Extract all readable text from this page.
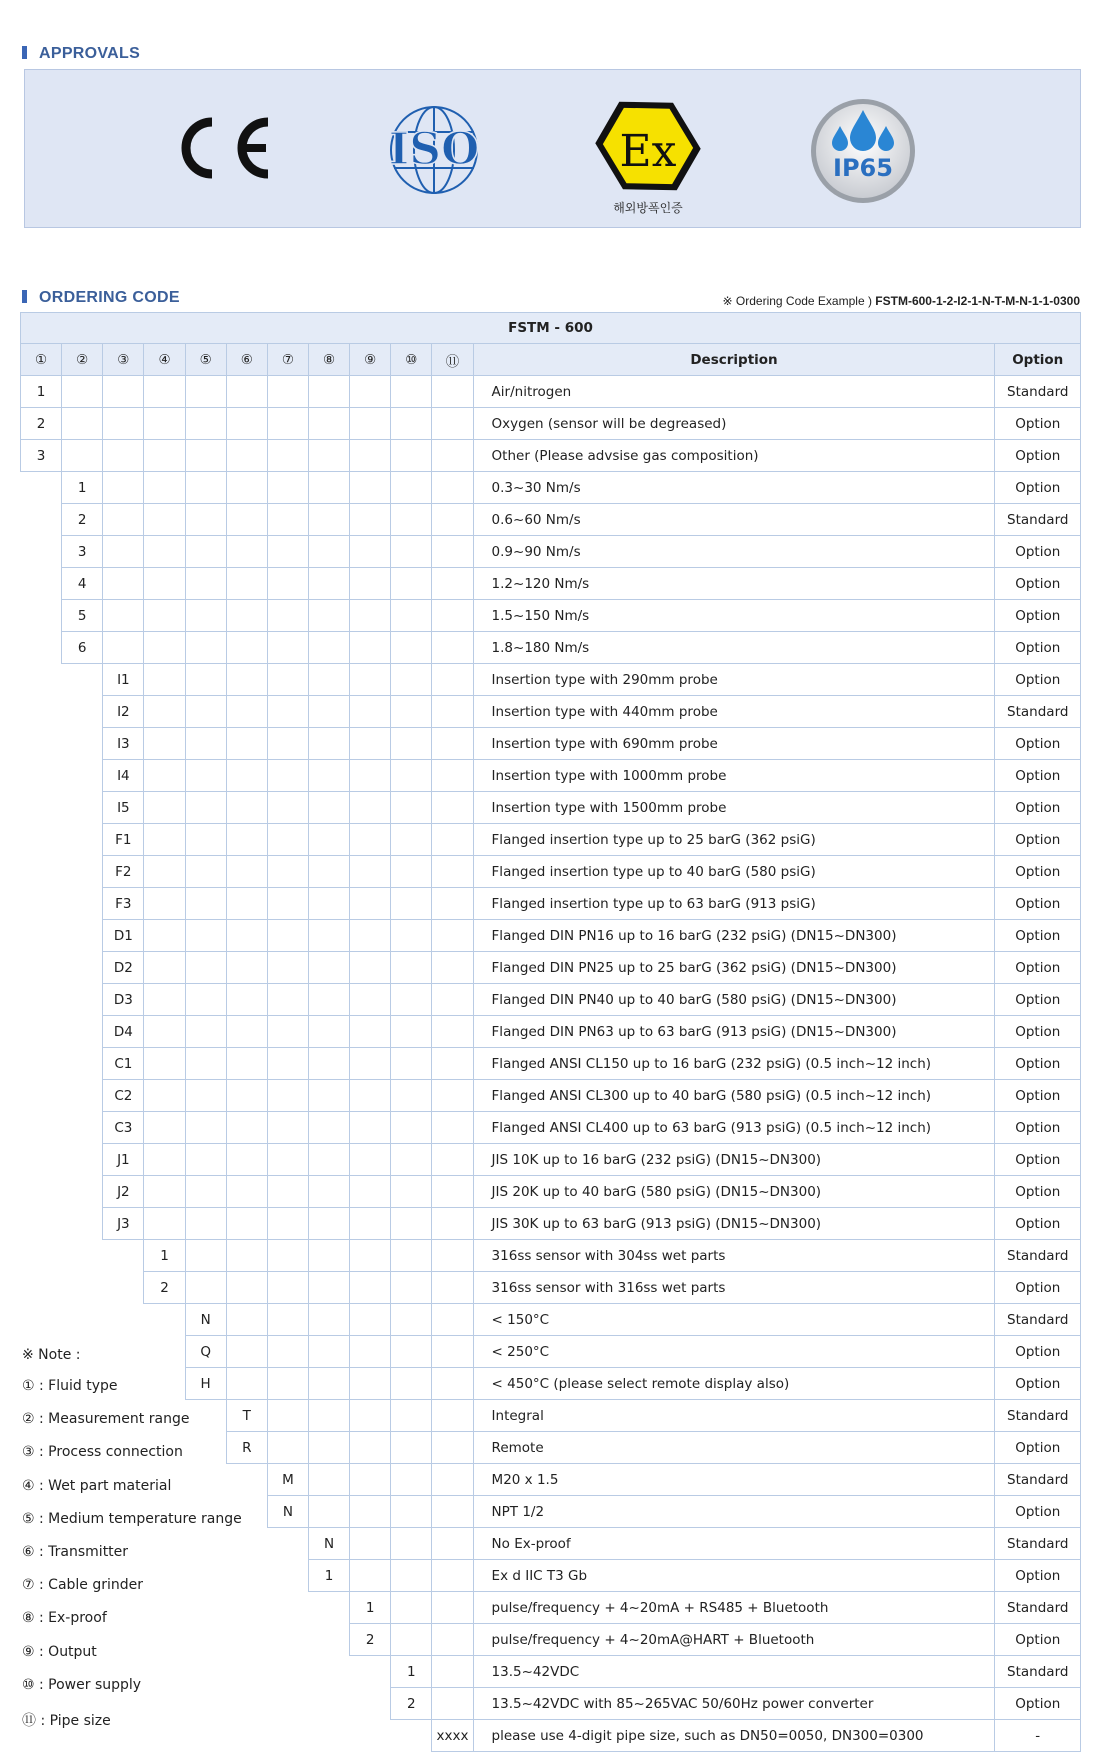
APPROVALS
ISO	Ex
해외방폭인증
IP65
ORDERING CODE	※ Ordering Code Example ) FSTM-600-1-2-I2-1-N-T-M-N-1-1-0300
FSTM - 600												
①	②	③	④	⑤	⑥	⑦	⑧	⑨	⑩	⑪	Description	Option
1											Air/nitrogen	Standard
2											Oxygen (sensor will be degreased)	Option
3											Other (Please advsise gas composition)	Option
	1										0.3~30 Nm/s	Option
	2										0.6~60 Nm/s	Standard
	3										0.9~90 Nm/s	Option
	4										1.2~120 Nm/s	Option
	5										1.5~150 Nm/s	Option
	6										1.8~180 Nm/s	Option
		I1									Insertion type with 290mm probe	Option
		I2									Insertion type with 440mm probe	Standard
		I3									Insertion type with 690mm probe	Option
		I4									Insertion type with 1000mm probe	Option
		I5									Insertion type with 1500mm probe	Option
		F1									Flanged insertion type up to 25 barG (362 psiG)	Option
		F2									Flanged insertion type up to 40 barG (580 psiG)	Option
		F3									Flanged insertion type up to 63 barG (913 psiG)	Option
		D1									Flanged DIN PN16 up to 16 barG (232 psiG) (DN15~DN300)	Option
		D2									Flanged DIN PN25 up to 25 barG (362 psiG) (DN15~DN300)	Option
		D3									Flanged DIN PN40 up to 40 barG (580 psiG) (DN15~DN300)	Option
		D4									Flanged DIN PN63 up to 63 barG (913 psiG) (DN15~DN300)	Option
		C1									Flanged ANSI CL150 up to 16 barG (232 psiG) (0.5 inch~12 inch)	Option
		C2									Flanged ANSI CL300 up to 40 barG (580 psiG) (0.5 inch~12 inch)	Option
		C3									Flanged ANSI CL400 up to 63 barG (913 psiG) (0.5 inch~12 inch)	Option
		J1									JIS 10K up to 16 barG (232 psiG) (DN15~DN300)	Option
		J2									JIS 20K up to 40 barG (580 psiG) (DN15~DN300)	Option
		J3									JIS 30K up to 63 barG (913 psiG) (DN15~DN300)	Option
			1								316ss sensor with 304ss wet parts	Standard
			2								316ss sensor with 316ss wet parts	Option
				N							< 150°C	Standard
				Q							< 250°C	Option
				H							< 450°C (please select remote display also)	Option
					T						Integral	Standard
					R						Remote	Option
						M					M20 x 1.5	Standard
						N					NPT 1/2	Option
							N				No Ex-proof	Standard
							1				Ex d IIC T3 Gb	Option
								1			pulse/frequency + 4~20mA + RS485 + Bluetooth	Standard
								2			pulse/frequency + 4~20mA@HART + Bluetooth	Option
									1		13.5~42VDC	Standard
									2		13.5~42VDC with 85~265VAC 50/60Hz power converter	Option
										xxxx	please use 4-digit pipe size, such as DN50=0050, DN300=0300	-
※ Note :
① : Fluid type
② : Measurement range
③ : Process connection
④ : Wet part material
⑤ : Medium temperature range
⑥ : Transmitter
⑦ : Cable grinder
⑧ : Ex-proof
⑨ : Output
⑩ : Power supply
⑪ : Pipe size
